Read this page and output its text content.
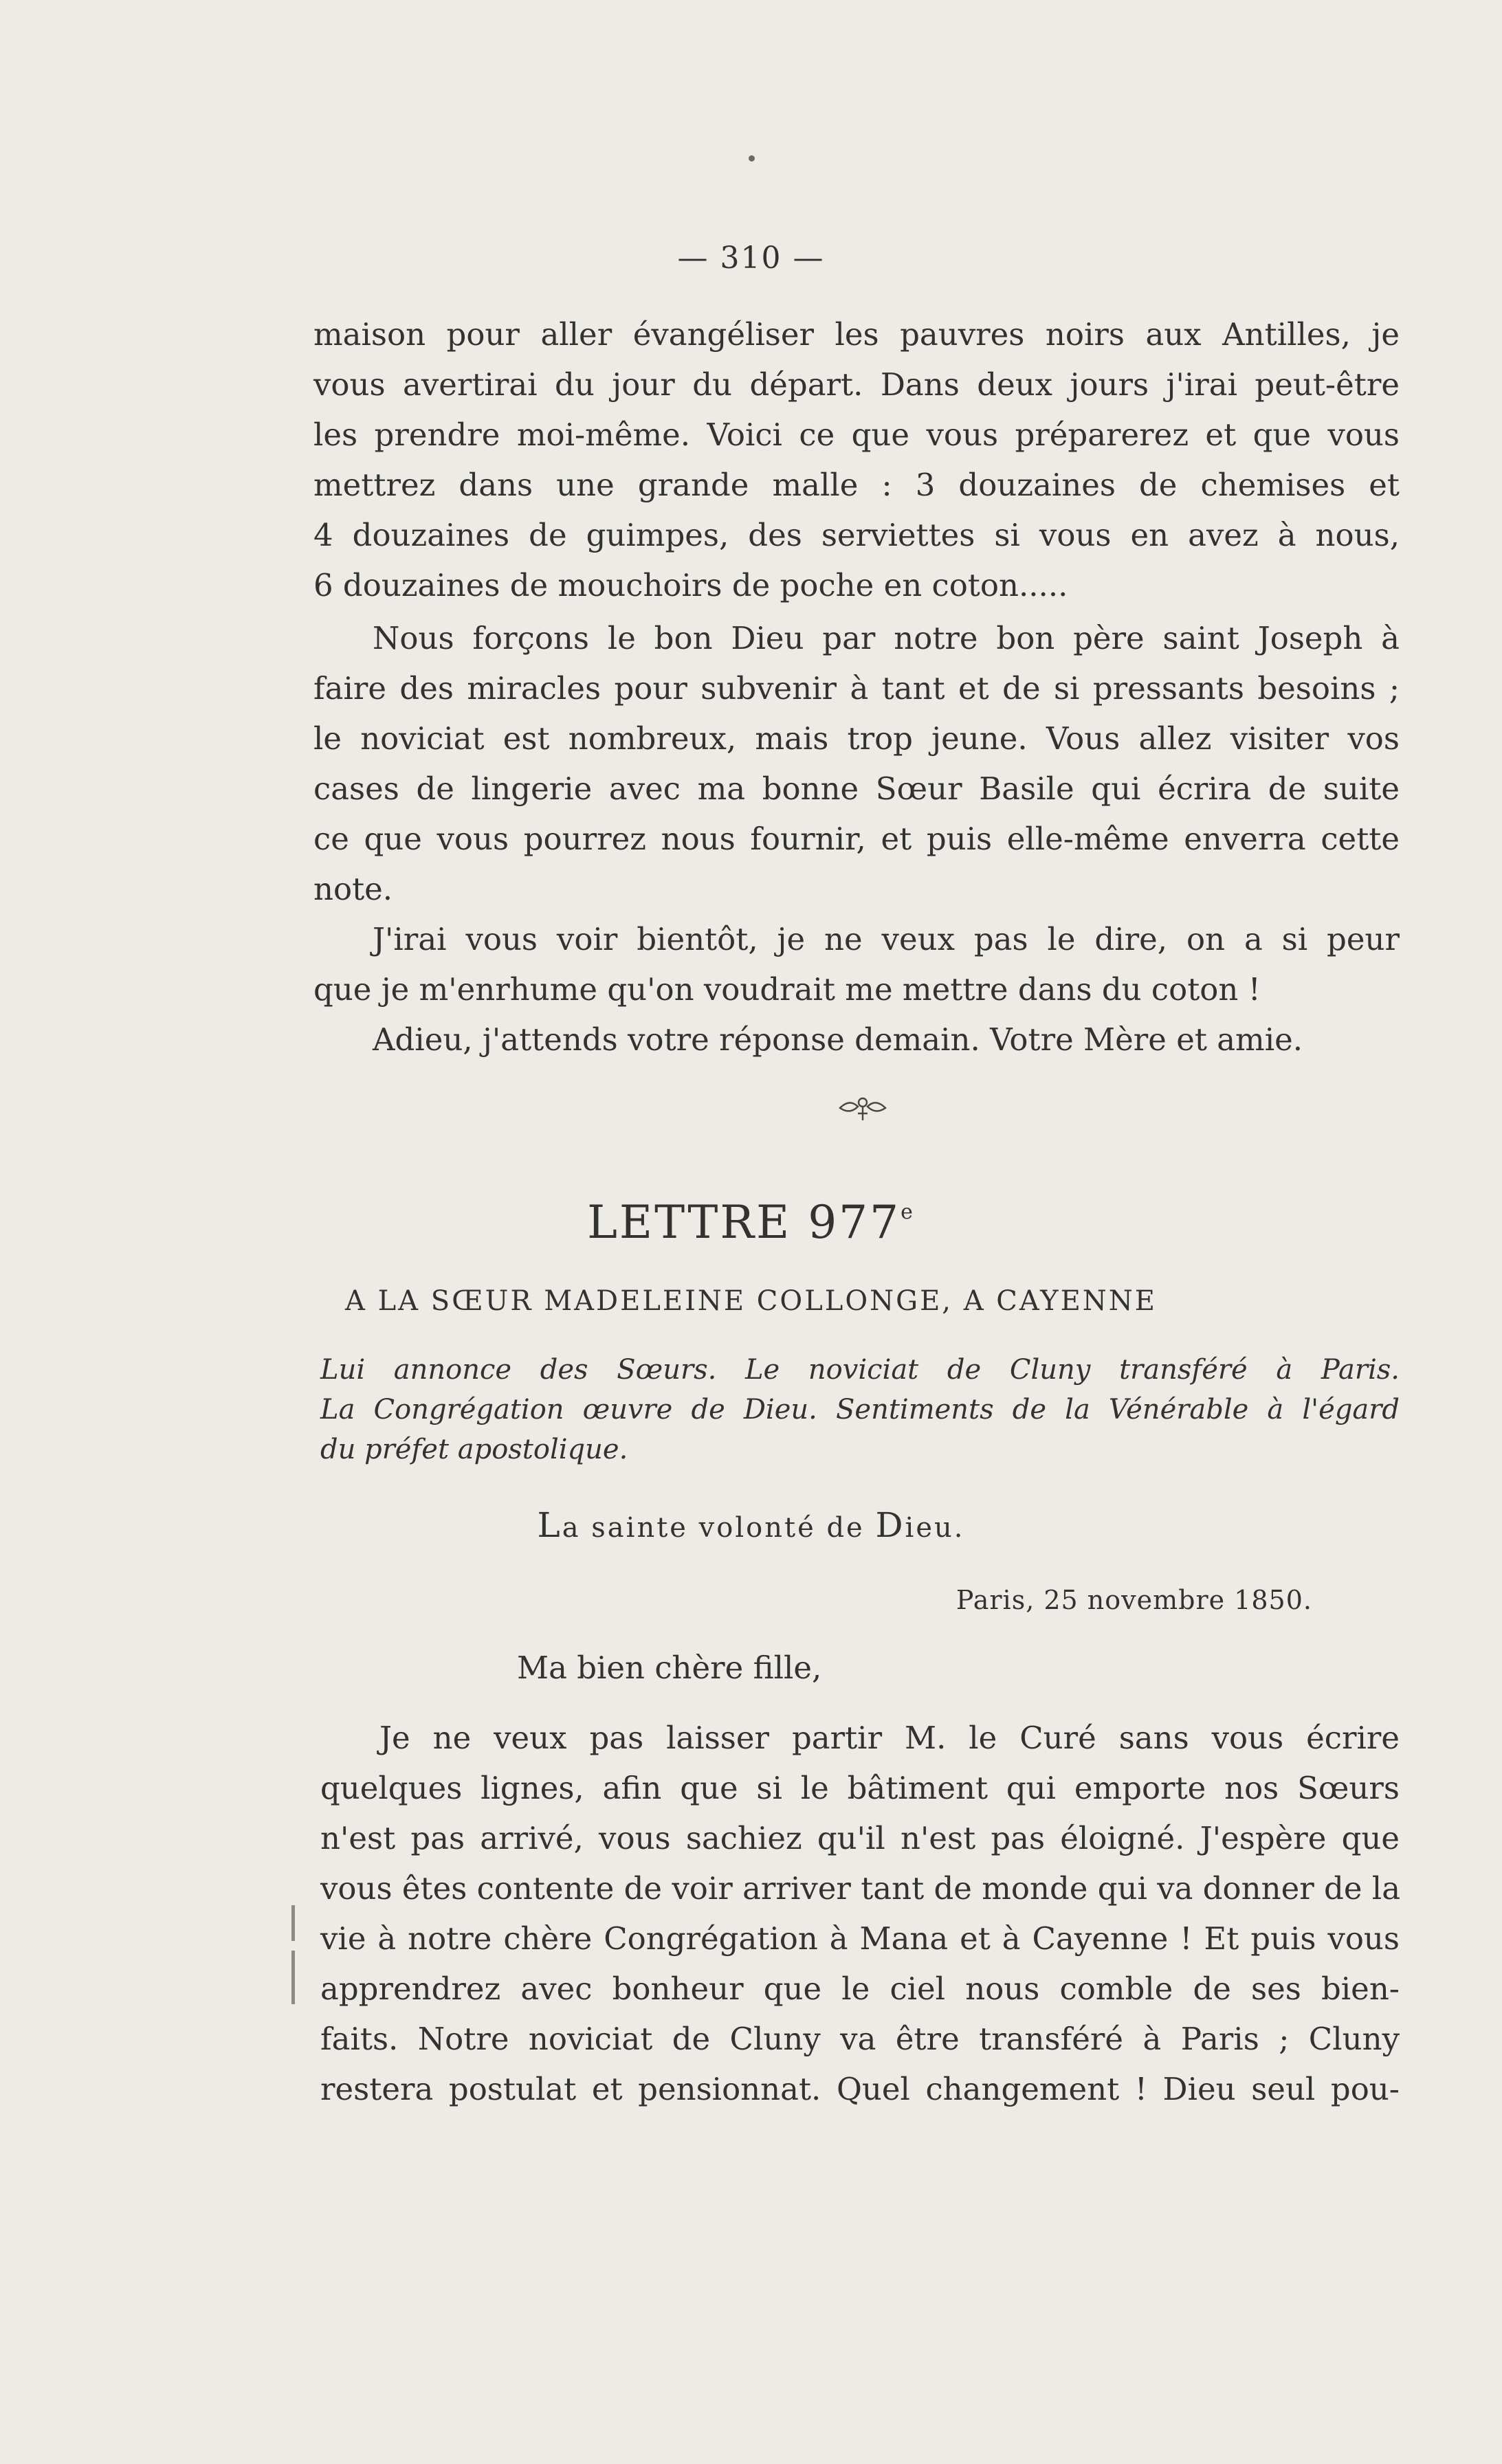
— 310 —
maison pour aller évangéliser les pauvres noirs aux Antilles, je
vous avertirai du jour du départ. Dans deux jours j'irai peut-être
les prendre moi-même. Voici ce que vous préparerez et que vous
mettrez dans une grande malle : 3 douzaines de chemises et
4 douzaines de guimpes, des serviettes si vous en avez à nous,
6 douzaines de mouchoirs de poche en coton.....
Nous forçons le bon Dieu par notre bon père saint Joseph à
faire des miracles pour subvenir à tant et de si pressants besoins ;
le noviciat est nombreux, mais trop jeune. Vous allez visiter vos
cases de lingerie avec ma bonne Sœur Basile qui écrira de suite
ce que vous pourrez nous fournir, et puis elle-même enverra cette
note.
J'irai vous voir bientôt, je ne veux pas le dire, on a si peur
que je m'enrhume qu'on voudrait me mettre dans du coton !
Adieu, j'attends votre réponse demain. Votre Mère et amie.
LETTRE 977e
A LA SŒUR MADELEINE COLLONGE, A CAYENNE
Lui annonce des Sœurs. Le noviciat de Cluny transféré à Paris.
La Congrégation œuvre de Dieu. Sentiments de la Vénérable à l'égard
du préfet apostolique.
La sainte volonté de Dieu.
Paris, 25 novembre 1850.
Ma bien chère fille,
Je ne veux pas laisser partir M. le Curé sans vous écrire
quelques lignes, afin que si le bâtiment qui emporte nos Sœurs
n'est pas arrivé, vous sachiez qu'il n'est pas éloigné. J'espère que
vous êtes contente de voir arriver tant de monde qui va donner de la
vie à notre chère Congrégation à Mana et à Cayenne ! Et puis vous
apprendrez avec bonheur que le ciel nous comble de ses bien-
faits. Notre noviciat de Cluny va être transféré à Paris ; Cluny
restera postulat et pensionnat. Quel changement ! Dieu seul pou-
